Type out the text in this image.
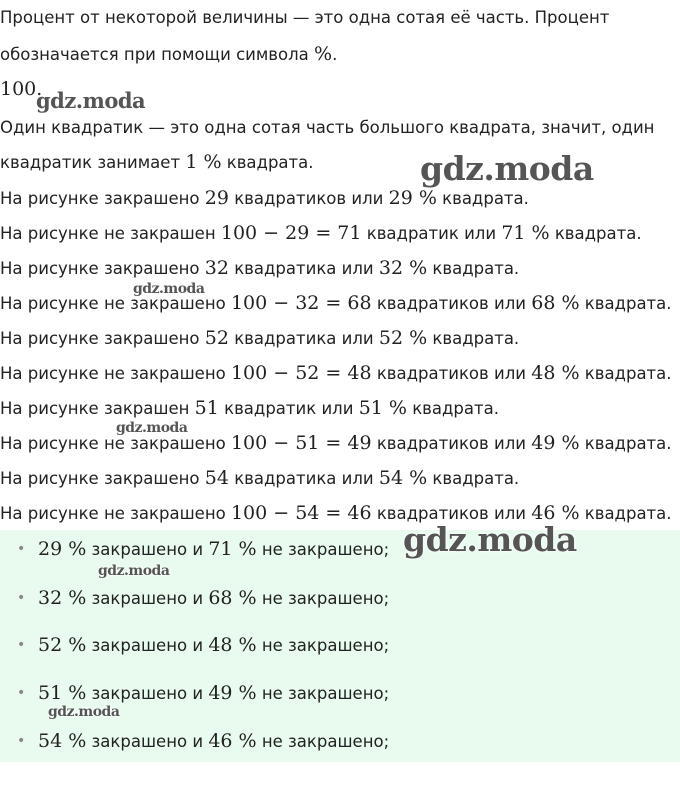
Процент от некоторой величины — это одна сотая её часть. Процент
обозначается при помощи символа %.
100.
Один квадратик — это одна сотая часть большого квадрата, значит, один
квадратик занимает 1 % квадрата.
На рисунке закрашено 29 квадратиков или 29 % квадрата.
На рисунке не закрашен 100 − 29 = 71 квадратик или 71 % квадрата.
На рисунке закрашено 32 квадратика или 32 % квадрата.
На рисунке не закрашено 100 − 32 = 68 квадратиков или 68 % квадрата.
На рисунке закрашено 52 квадратика или 52 % квадрата.
На рисунке не закрашено 100 − 52 = 48 квадратиков или 48 % квадрата.
На рисунке закрашен 51 квадратик или 51 % квадрата.
На рисунке не закрашено 100 − 51 = 49 квадратиков или 49 % квадрата.
На рисунке закрашено 54 квадратика или 54 % квадрата.
На рисунке не закрашено 100 − 54 = 46 квадратиков или 46 % квадрата.
• 29 % закрашено и 71 % не закрашено;
• 32 % закрашено и 68 % не закрашено;
• 52 % закрашено и 48 % не закрашено;
• 51 % закрашено и 49 % не закрашено;
• 54 % закрашено и 46 % не закрашено;
gdz.moda
gdz.moda
gdz.moda
gdz.moda
gdz.moda
gdz.moda
gdz.moda
